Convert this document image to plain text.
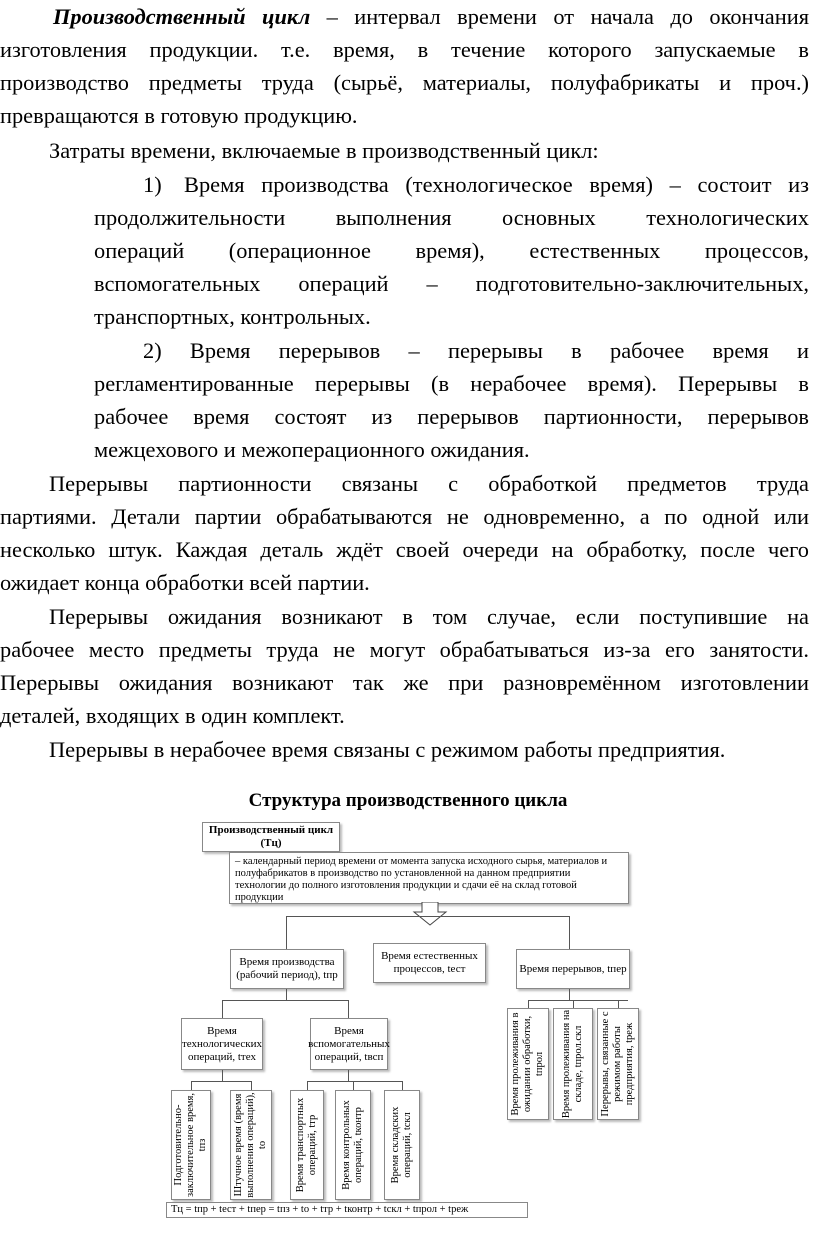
Производственный цикл – интервал времени от начала до окончания
изготовления продукции. т.е. время, в течение которого запускаемые в
производство предметы труда (сырьё, материалы, полуфабрикаты и проч.)
превращаются в готовую продукцию.
Затраты времени, включаемые в производственный цикл:
1) Время производства (технологическое время) – состоит из
продолжительности выполнения основных технологических
операций (операционное время), естественных процессов,
вспомогательных операций – подготовительно-заключительных,
транспортных, контрольных.
2) Время перерывов – перерывы в рабочее время и
регламентированные перерывы (в нерабочее время). Перерывы в
рабочее время состоят из перерывов партионности, перерывов
межцехового и межоперационного ожидания.
Перерывы партионности связаны с обработкой предметов труда
партиями. Детали партии обрабатываются не одновременно, а по одной или
несколько штук. Каждая деталь ждёт своей очереди на обработку, после чего
ожидает конца обработки всей партии.
Перерывы ожидания возникают в том случае, если поступившие на
рабочее место предметы труда не могут обрабатываться из-за его занятости.
Перерывы ожидания возникают так же при разновремённом изготовлении
деталей, входящих в один комплект.
Перерывы в нерабочее время связаны с режимом работы предприятия.
Структура производственного цикла
Производственный цикл (Тц)
– календарный период времени от момента запуска исходного сырья, материалов и полуфабрикатов в производство по установленной на данном предприятии технологии до полного изготовления продукции и сдачи её на склад готовой продукции
Время производства
(рабочий период), tпр
Время естественных
процессов, tест	Время перерывов, tпер
Время
технологических
операций, tтех
Время
вспомогательных
операций, tвсп
Подготовительно-
заключительное время,
tпз
Штучное время (время
выполнения операций),
tо
Время транспортных
операций, tтр
Время контрольных
операций, tконтр
Время складских
операций, tскл
Время пролеживания в
ожидании обработки,
tпрол
Время пролеживания на
складе, tпрол.скл
Перерывы, связанные с
режимом работы
предприятия, tреж
Тц = tпр + tест + tпер = tпз + tо + tтр + tконтр + tскл + tпрол + tреж
